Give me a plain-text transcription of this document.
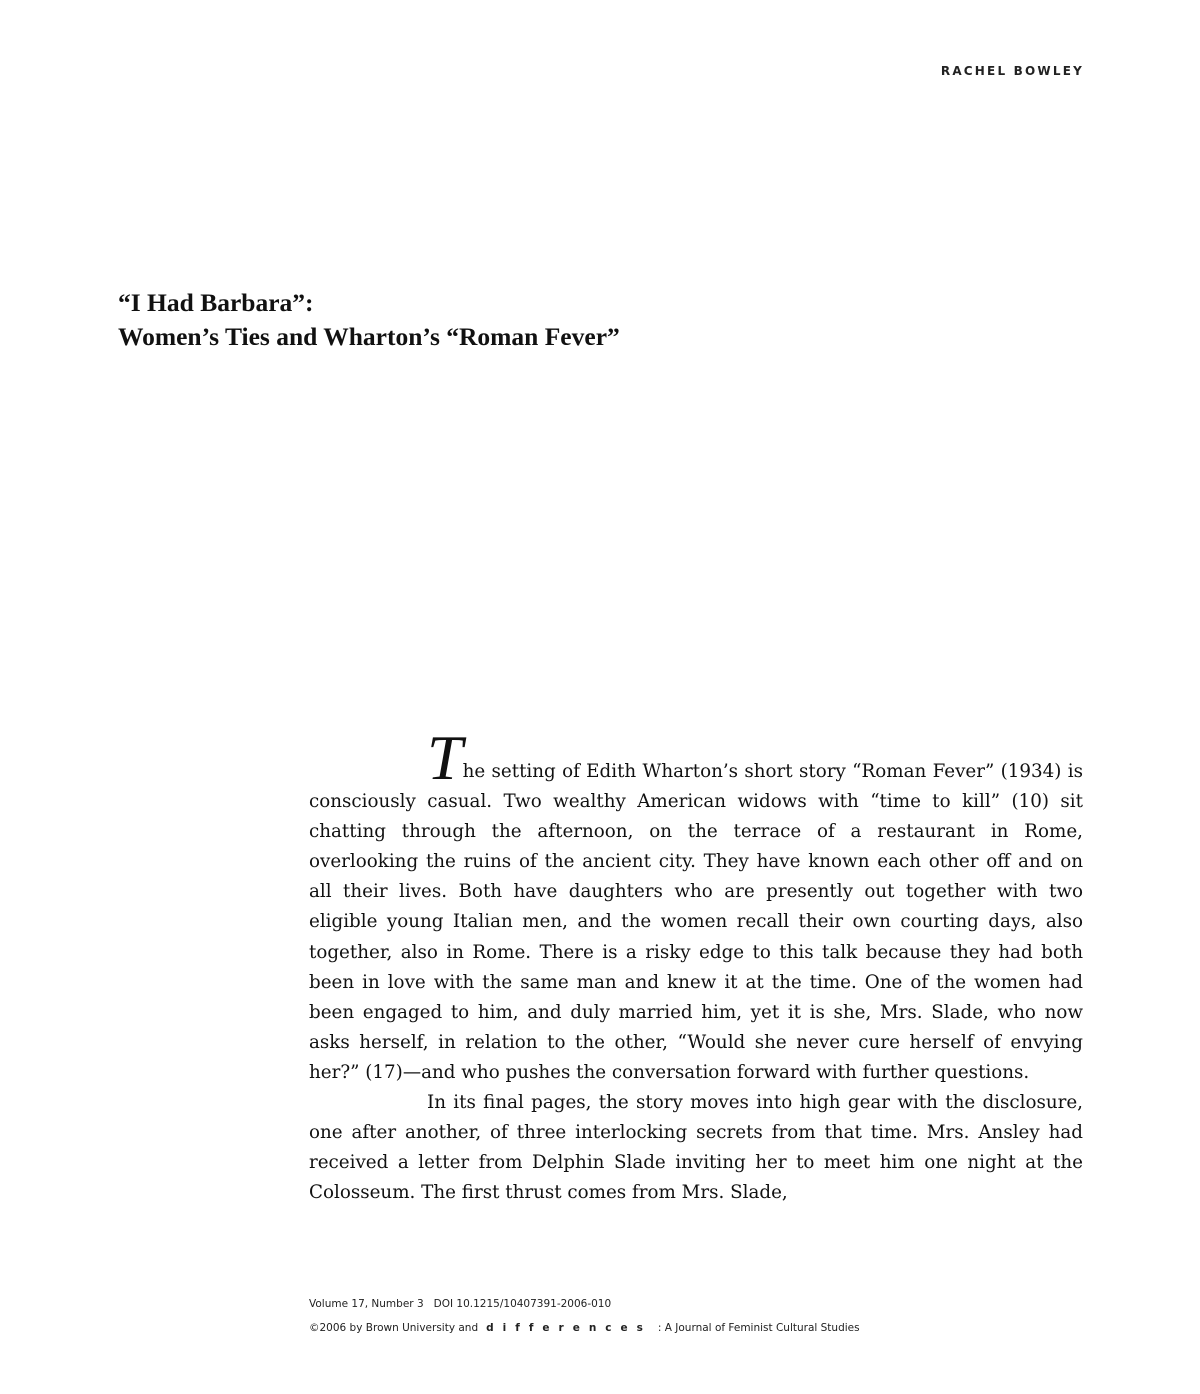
RACHEL BOWLEY
“I Had Barbara”:
Women’s Ties and Wharton’s “Roman Fever”

The setting of Edith Wharton’s short story “Roman Fever” (1934) is consciously casual. Two wealthy American widows with “time to kill” (10) sit chatting through the afternoon, on the terrace of a restaurant in Rome, overlooking the ruins of the ancient city. They have known each other off and on all their lives. Both have daughters who are presently out together with two eligible young Italian men, and the women recall their own courting days, also together, also in Rome. There is a risky edge to this talk because they had both been in love with the same man and knew it at the time. One of the women had been engaged to him, and duly married him, yet it is she, Mrs. Slade, who now asks herself, in relation to the other, “Would she never cure herself of envying her?” (17)—and who pushes the conversation forward with further questions.

In its final pages, the story moves into high gear with the disclosure, one after another, of three interlocking secrets from that time. Mrs. Ansley had received a letter from Delphin Slade inviting her to meet him one night at the Colosseum. The first thrust comes from Mrs. Slade,

Volume 17, Number 3 DOI 10.1215/10407391-2006-010
©2006 by Brown University and differences : A Journal of Feminist Cultural Studies
